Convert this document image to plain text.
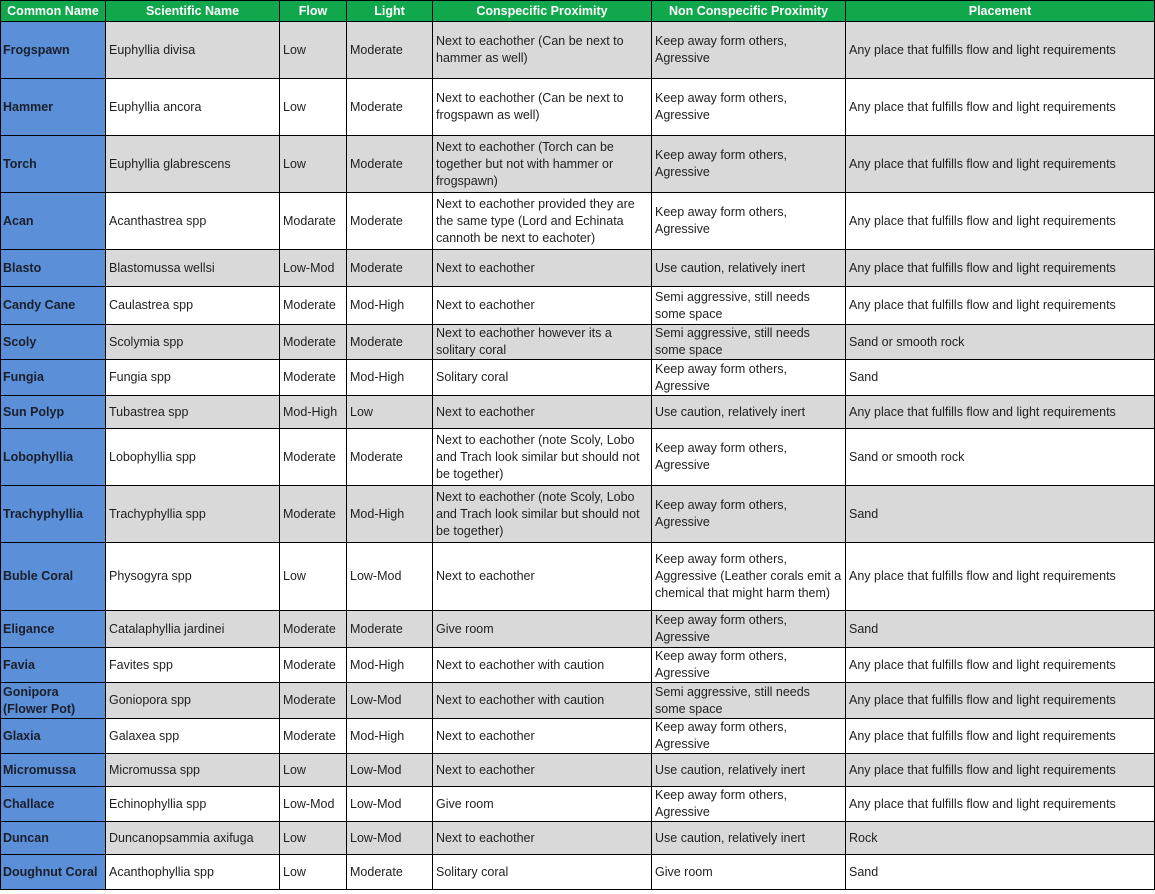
Common Name	Scientific Name	Flow	Light	Conspecific Proximity	Non Conspecific Proximity	Placement
Frogspawn	Euphyllia divisa	Low	Moderate	Next to eachother (Can be next to hammer as well)	Keep away form others, Agressive	Any place that fulfills flow and light requirements
Hammer	Euphyllia ancora	Low	Moderate	Next to eachother (Can be next to frogspawn as well)	Keep away form others, Agressive	Any place that fulfills flow and light requirements
Torch	Euphyllia glabrescens	Low	Moderate	Next to eachother (Torch can be together but not with hammer or frogspawn)	Keep away form others, Agressive	Any place that fulfills flow and light requirements
Acan	Acanthastrea spp	Modarate	Moderate	Next to eachother provided they are the same type (Lord and Echinata cannoth be next to eachoter)	Keep away form others, Agressive	Any place that fulfills flow and light requirements
Blasto	Blastomussa wellsi	Low-Mod	Moderate	Next to eachother	Use caution, relatively inert	Any place that fulfills flow and light requirements
Candy Cane	Caulastrea spp	Moderate	Mod-High	Next to eachother	Semi aggressive, still needs some space	Any place that fulfills flow and light requirements
Scoly	Scolymia spp	Moderate	Moderate	Next to eachother however its a solitary coral	Semi aggressive, still needs some space	Sand or smooth rock
Fungia	Fungia spp	Moderate	Mod-High	Solitary coral	Keep away form others, Agressive	Sand
Sun Polyp	Tubastrea spp	Mod-High	Low	Next to eachother	Use caution, relatively inert	Any place that fulfills flow and light requirements
Lobophyllia	Lobophyllia spp	Moderate	Moderate	Next to eachother (note Scoly, Lobo and Trach look similar but should not be together)	Keep away form others, Agressive	Sand or smooth rock
Trachyphyllia	Trachyphyllia spp	Moderate	Mod-High	Next to eachother (note Scoly, Lobo and Trach look similar but should not be together)	Keep away form others, Agressive	Sand
Buble Coral	Physogyra spp	Low	Low-Mod	Next to eachother	Keep away form others, Aggressive (Leather corals emit a chemical that might harm them)	Any place that fulfills flow and light requirements
Eligance	Catalaphyllia jardinei	Moderate	Moderate	Give room	Keep away form others, Agressive	Sand
Favia	Favites spp	Moderate	Mod-High	Next to eachother with caution	Keep away form others, Agressive	Any place that fulfills flow and light requirements
Gonipora (Flower Pot)	Goniopora spp	Moderate	Low-Mod	Next to eachother with caution	Semi aggressive, still needs some space	Any place that fulfills flow and light requirements
Glaxia	Galaxea spp	Moderate	Mod-High	Next to eachother	Keep away form others, Agressive	Any place that fulfills flow and light requirements
Micromussa	Micromussa spp	Low	Low-Mod	Next to eachother	Use caution, relatively inert	Any place that fulfills flow and light requirements
Challace	Echinophyllia spp	Low-Mod	Low-Mod	Give room	Keep away form others, Agressive	Any place that fulfills flow and light requirements
Duncan	Duncanopsammia axifuga	Low	Low-Mod	Next to eachother	Use caution, relatively inert	Rock
Doughnut Coral	Acanthophyllia spp	Low	Moderate	Solitary coral	Give room	Sand
